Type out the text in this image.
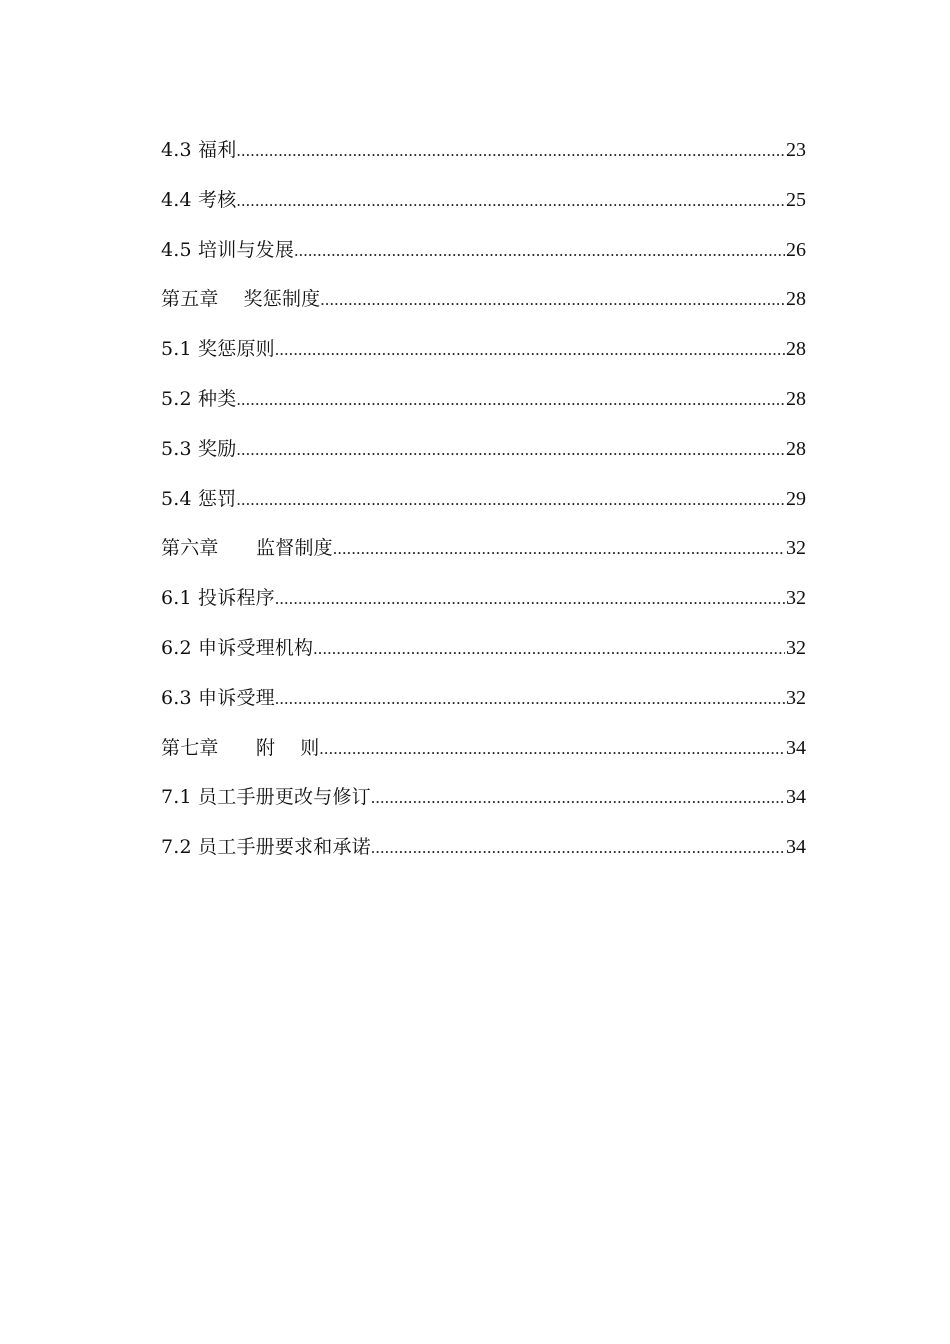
4.3 福利 .....	23
4.4 考核 .....	25
4.5 培训与发展 .....	26
第五章    奖惩制度 .....	28
5.1 奖惩原则 .....	28
5.2 种类 .....	28
5.3 奖励 .....	28
5.4 惩罚 .....	29
第六章      监督制度 .....	32
6.1 投诉程序 .....	32
6.2 申诉受理机构 .....	32
6.3 申诉受理 .....	32
第七章      附    则 .....	34
7.1 员工手册更改与修订 .....	34
7.2 员工手册要求和承诺 .....	34
